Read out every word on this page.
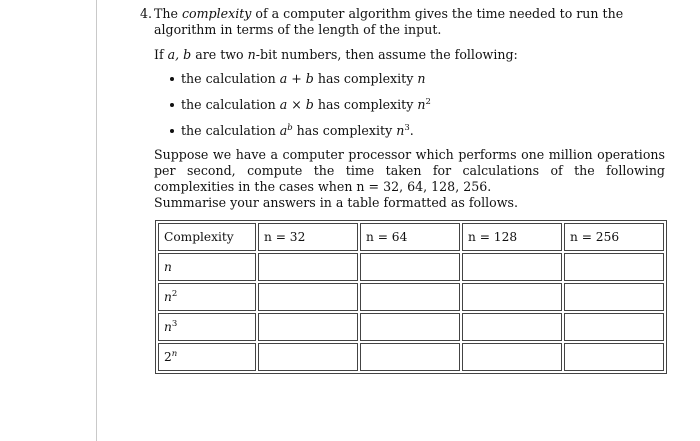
4. The complexity of a computer algorithm gives the time needed to run the algorithm in terms of the length of the input.
If a, b are two n-bit numbers, then assume the following:
the calculation a + b has complexity n
the calculation a × b has complexity $n^2$
the calculation $a^b$ has complexity $n^3$.
Suppose we have a computer processor which performs one million operations per second, compute the time taken for calculations of the following complexities in the cases when n = 32, 64, 128, 256.
Summarise your answers in a table formatted as follows.
Complexity	n = 32	n = 64	n = 128	n = 256
n				
$n^2$				
$n^3$				
2$^n$				
